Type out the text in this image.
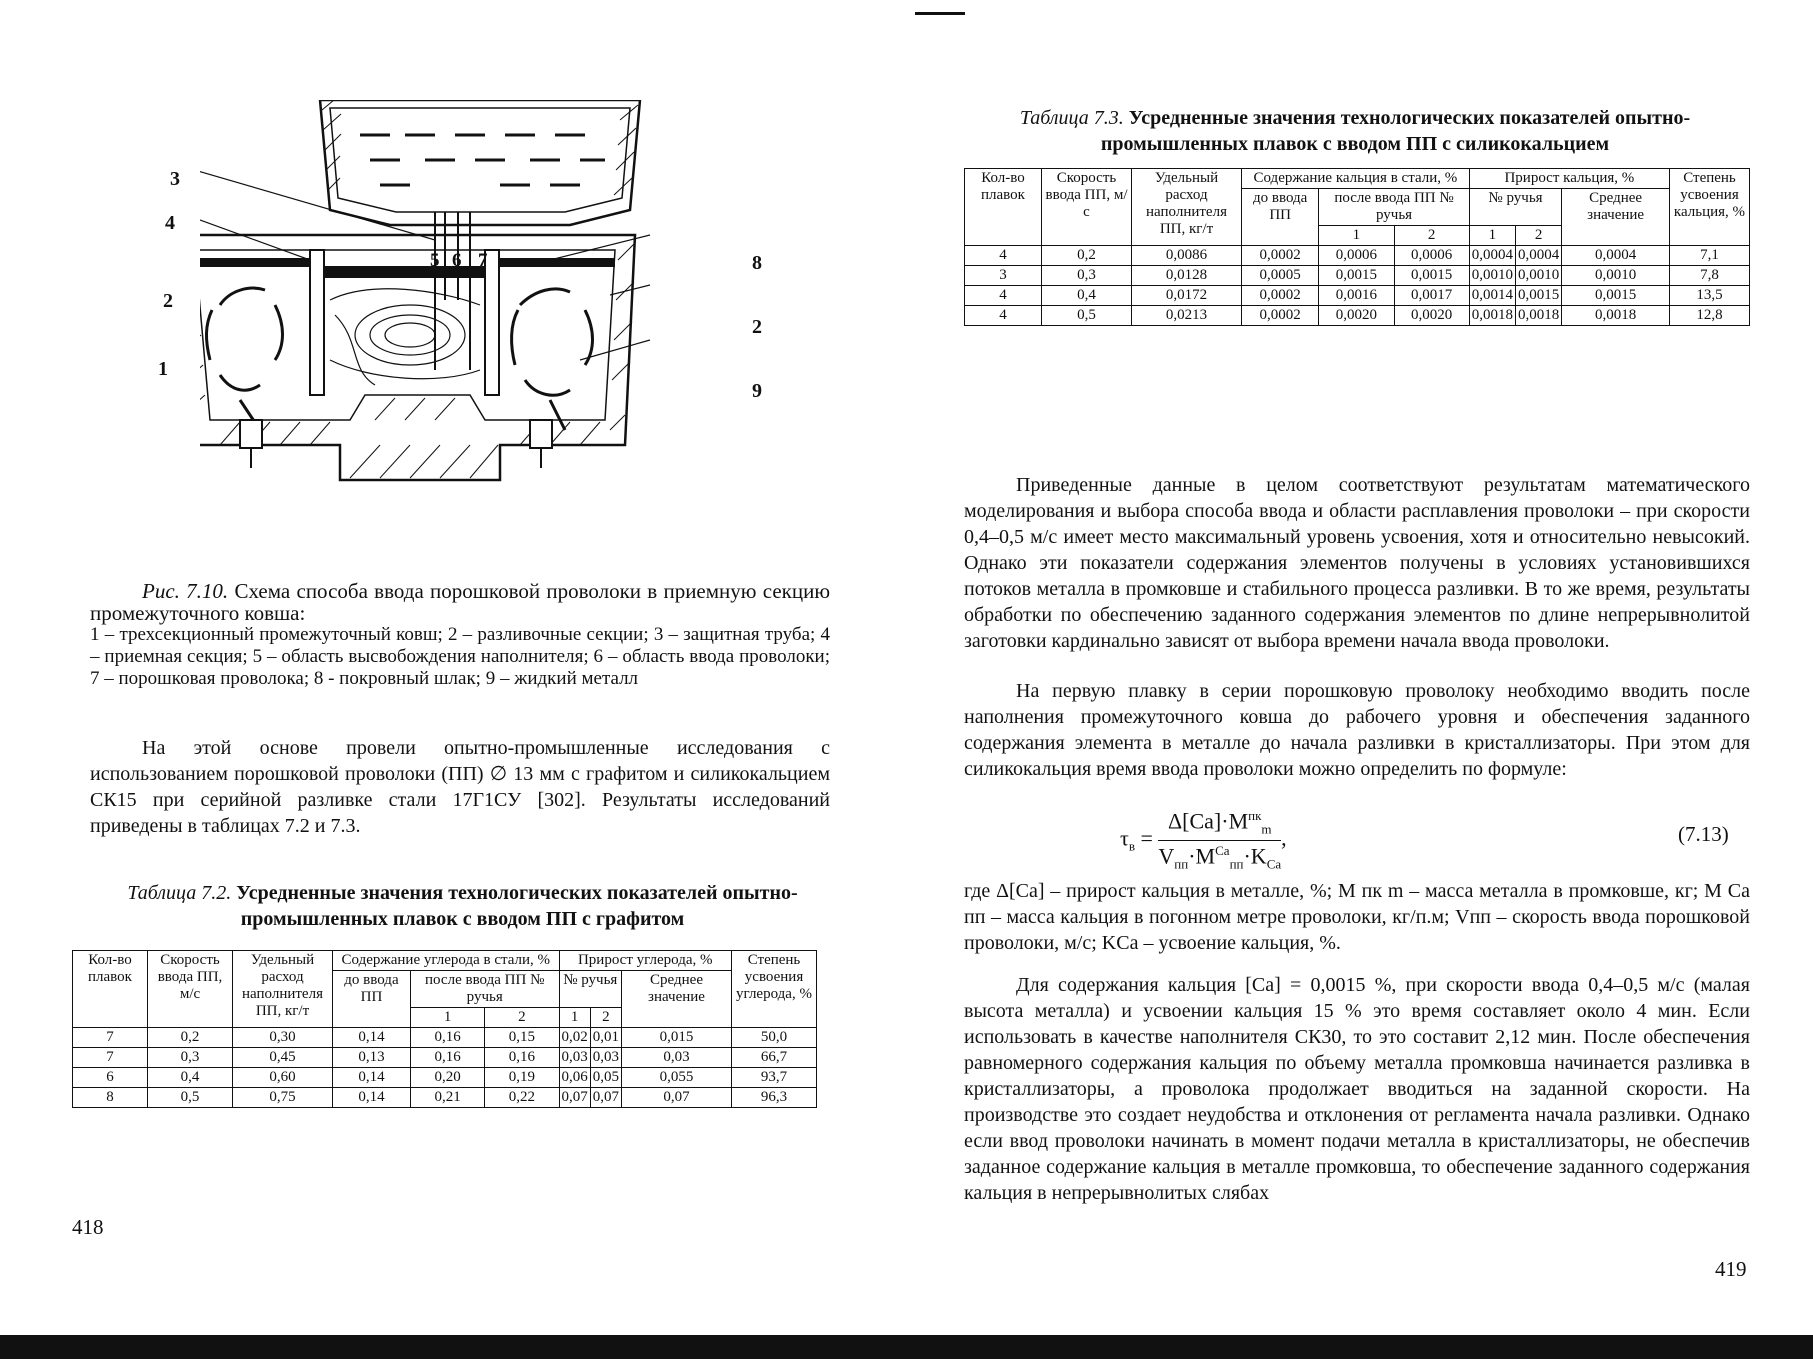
3
4
2
1
5 6 7	8
2
9
Рис. 7.10. Схема способа ввода порошковой проволоки в приемную секцию промежуточного ковша:
1 – трехсекционный промежуточный ковш; 2 – разливочные секции; 3 – защитная труба; 4 – приемная секция; 5 – область высвобождения наполнителя; 6 – область ввода проволоки; 7 – порошковая проволока; 8 - покровный шлак; 9 – жидкий металл
На этой основе провели опытно-промышленные исследования с использованием порошковой проволоки (ПП) ∅ 13 мм с графитом и силикокальцием СК15 при серийной разливке стали 17Г1СУ [302]. Результаты исследований приведены в таблицах 7.2 и 7.3.
Таблица 7.2. Усредненные значения технологических показателей опытно-промышленных плавок с вводом ПП с графитом
Кол-во плавок	Скорость ввода ПП, м/с	Удельный расход наполнителя ПП, кг/т	Содержание углерода в стали, %			Прирост углерода, %			Степень усвоения углерода, %
			до ввода ПП	после ввода ПП № ручья		№ ручья		Среднее значение	
				1	2	1	2		
7	0,2	0,30	0,14	0,16	0,15	0,02	0,01	0,015	50,0
7	0,3	0,45	0,13	0,16	0,16	0,03	0,03	0,03	66,7
6	0,4	0,60	0,14	0,20	0,19	0,06	0,05	0,055	93,7
8	0,5	0,75	0,14	0,21	0,22	0,07	0,07	0,07	96,3
418
Таблица 7.3. Усредненные значения технологических показателей опытно-промышленных плавок с вводом ПП с силикокальцием
Кол-во плавок	Скорость ввода ПП, м/с	Удельный расход наполнителя ПП, кг/т	Содержание кальция в стали, %			Прирост кальция, %			Степень усвоения кальция, %
			до ввода ПП	после ввода ПП № ручья		№ ручья		Среднее значение	
				1	2	1	2		
4	0,2	0,0086	0,0002	0,0006	0,0006	0,0004	0,0004	0,0004	7,1
3	0,3	0,0128	0,0005	0,0015	0,0015	0,0010	0,0010	0,0010	7,8
4	0,4	0,0172	0,0002	0,0016	0,0017	0,0014	0,0015	0,0015	13,5
4	0,5	0,0213	0,0002	0,0020	0,0020	0,0018	0,0018	0,0018	12,8
Приведенные данные в целом соответствуют результатам математического моделирования и выбора способа ввода и области расплавления проволоки – при скорости 0,4–0,5 м/с имеет место максимальный уровень усвоения, хотя и относительно невысокий. Однако эти показатели содержания элементов получены в условиях установившихся потоков металла в промковше и стабильного процесса разливки. В то же время, результаты обработки по обеспечению заданного содержания элементов по длине непрерывнолитой заготовки кардинально зависят от выбора времени начала ввода проволоки.
На первую плавку в серии порошковую проволоку необходимо вводить после наполнения промежуточного ковша до рабочего уровня и обеспечения заданного содержания элемента в металле до начала разливки в кристаллизаторы. При этом для силикокальция время ввода проволоки можно определить по формуле:
$\tau_в = \frac{\Delta[Ca]\cdot M^{пк}_m}{V_{пп}\cdot M^{Ca}_{пп}\cdot K_{Ca}}$ ,	(7.13)
где Δ[Ca] – прирост кальция в металле, %; M пк m – масса металла в промковше, кг; M Ca пп – масса кальция в погонном метре проволоки, кг/п.м; Vпп – скорость ввода порошковой проволоки, м/с; KCa – усвоение кальция, %.
Для содержания кальция [Ca] = 0,0015 %, при скорости ввода 0,4–0,5 м/с (малая высота металла) и усвоении кальция 15 % это время составляет около 4 мин. Если использовать в качестве наполнителя СК30, то это составит 2,12 мин. После обеспечения равномерного содержания кальция по объему металла промковша начинается разливка в кристаллизаторы, а проволока продолжает вводиться на заданной скорости. На производстве это создает неудобства и отклонения от регламента начала разливки. Однако если ввод проволоки начинать в момент подачи металла в кристаллизаторы, не обеспечив заданное содержание кальция в металле промковша, то обеспечение заданного содержания кальция в непрерывнолитых слябах
419
